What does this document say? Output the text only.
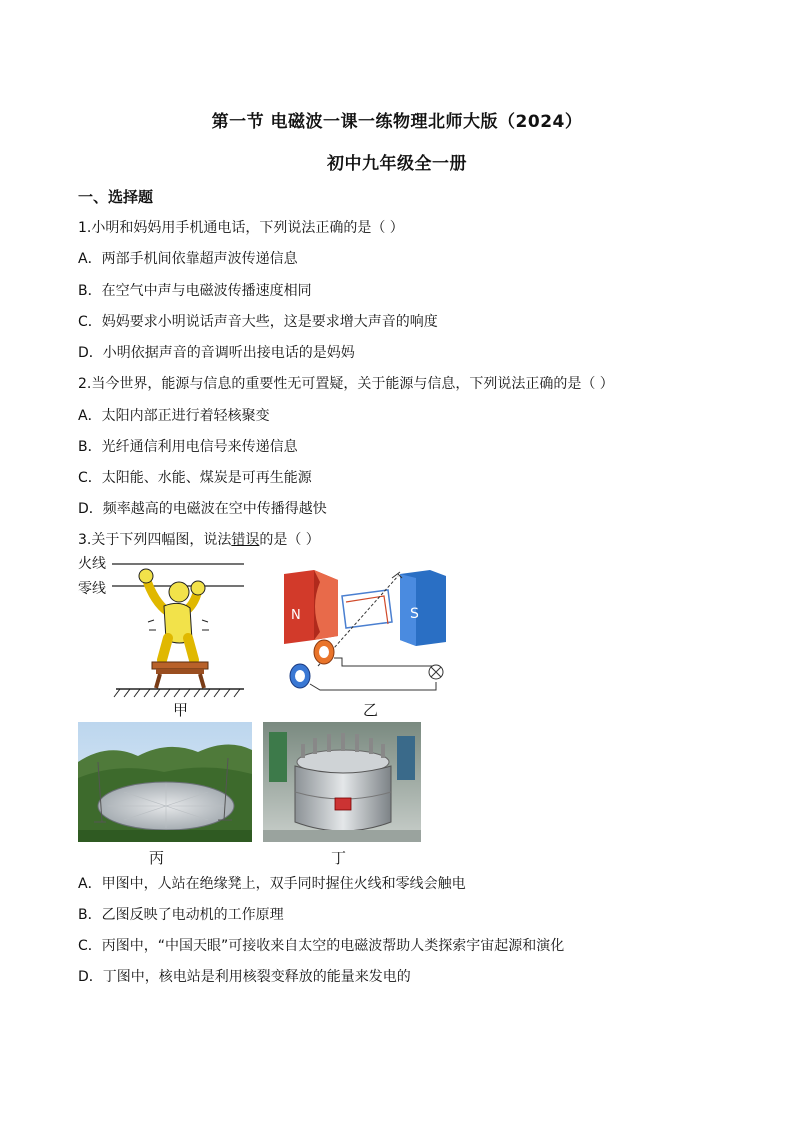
第一节 电磁波一课一练物理北师大版（2024）
初中九年级全一册
一、选择题
1.小明和妈妈用手机通电话，下列说法正确的是（ ）
A．两部手机间依靠超声波传递信息
B．在空气中声与电磁波传播速度相同
C．妈妈要求小明说话声音大些，这是要求增大声音的响度
D．小明依据声音的音调听出接电话的是妈妈
2.当今世界，能源与信息的重要性无可置疑，关于能源与信息，下列说法正确的是（ ）
A．太阳内部正进行着轻核聚变
B．光纤通信利用电信号来传递信息
C．太阳能、水能、煤炭是可再生能源
D．频率越高的电磁波在空中传播得越快
3.关于下列四幅图，说法错误的是（ ）
火线
零线
甲
N	S
乙
丙	丁
A．甲图中，人站在绝缘凳上，双手同时握住火线和零线会触电
B．乙图反映了电动机的工作原理
C．丙图中，“中国天眼”可接收来自太空的电磁波帮助人类探索宇宙起源和演化
D．丁图中，核电站是利用核裂变释放的能量来发电的
